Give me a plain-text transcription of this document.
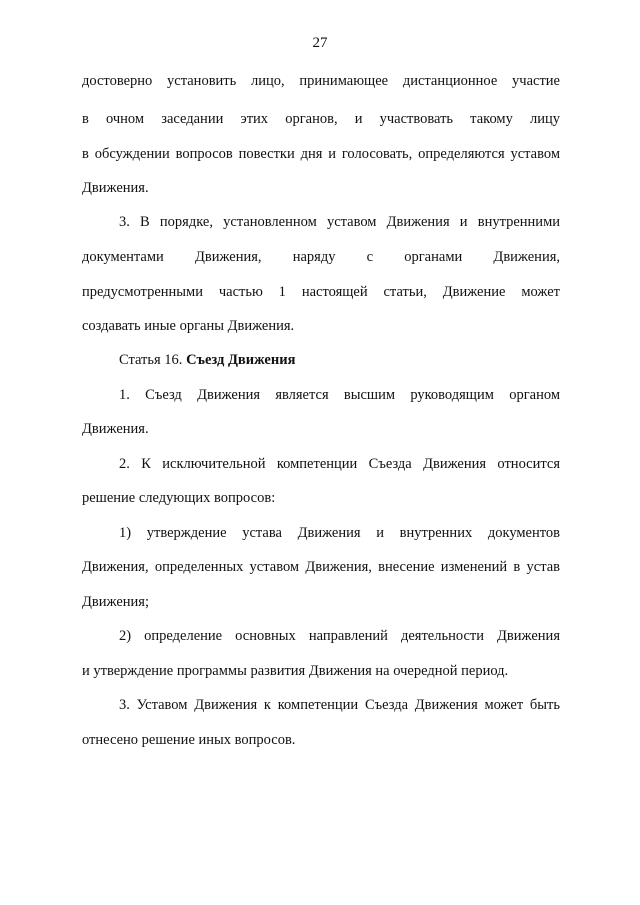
27
достоверно установить лицо, принимающее дистанционное участие
в очном заседании этих органов, и участвовать такому лицу
в обсуждении вопросов повестки дня и голосовать, определяются уставом
Движения.
3. В порядке, установленном уставом Движения и внутренними
документами Движения, наряду с органами Движения,
предусмотренными частью 1 настоящей статьи, Движение может
создавать иные органы Движения.
Статья 16. Съезд Движения
1. Съезд Движения является высшим руководящим органом
Движения.
2. К исключительной компетенции Съезда Движения относится
решение следующих вопросов:
1) утверждение устава Движения и внутренних документов
Движения, определенных уставом Движения, внесение изменений в устав
Движения;
2) определение основных направлений деятельности Движения
и утверждение программы развития Движения на очередной период.
3. Уставом Движения к компетенции Съезда Движения может быть
отнесено решение иных вопросов.
